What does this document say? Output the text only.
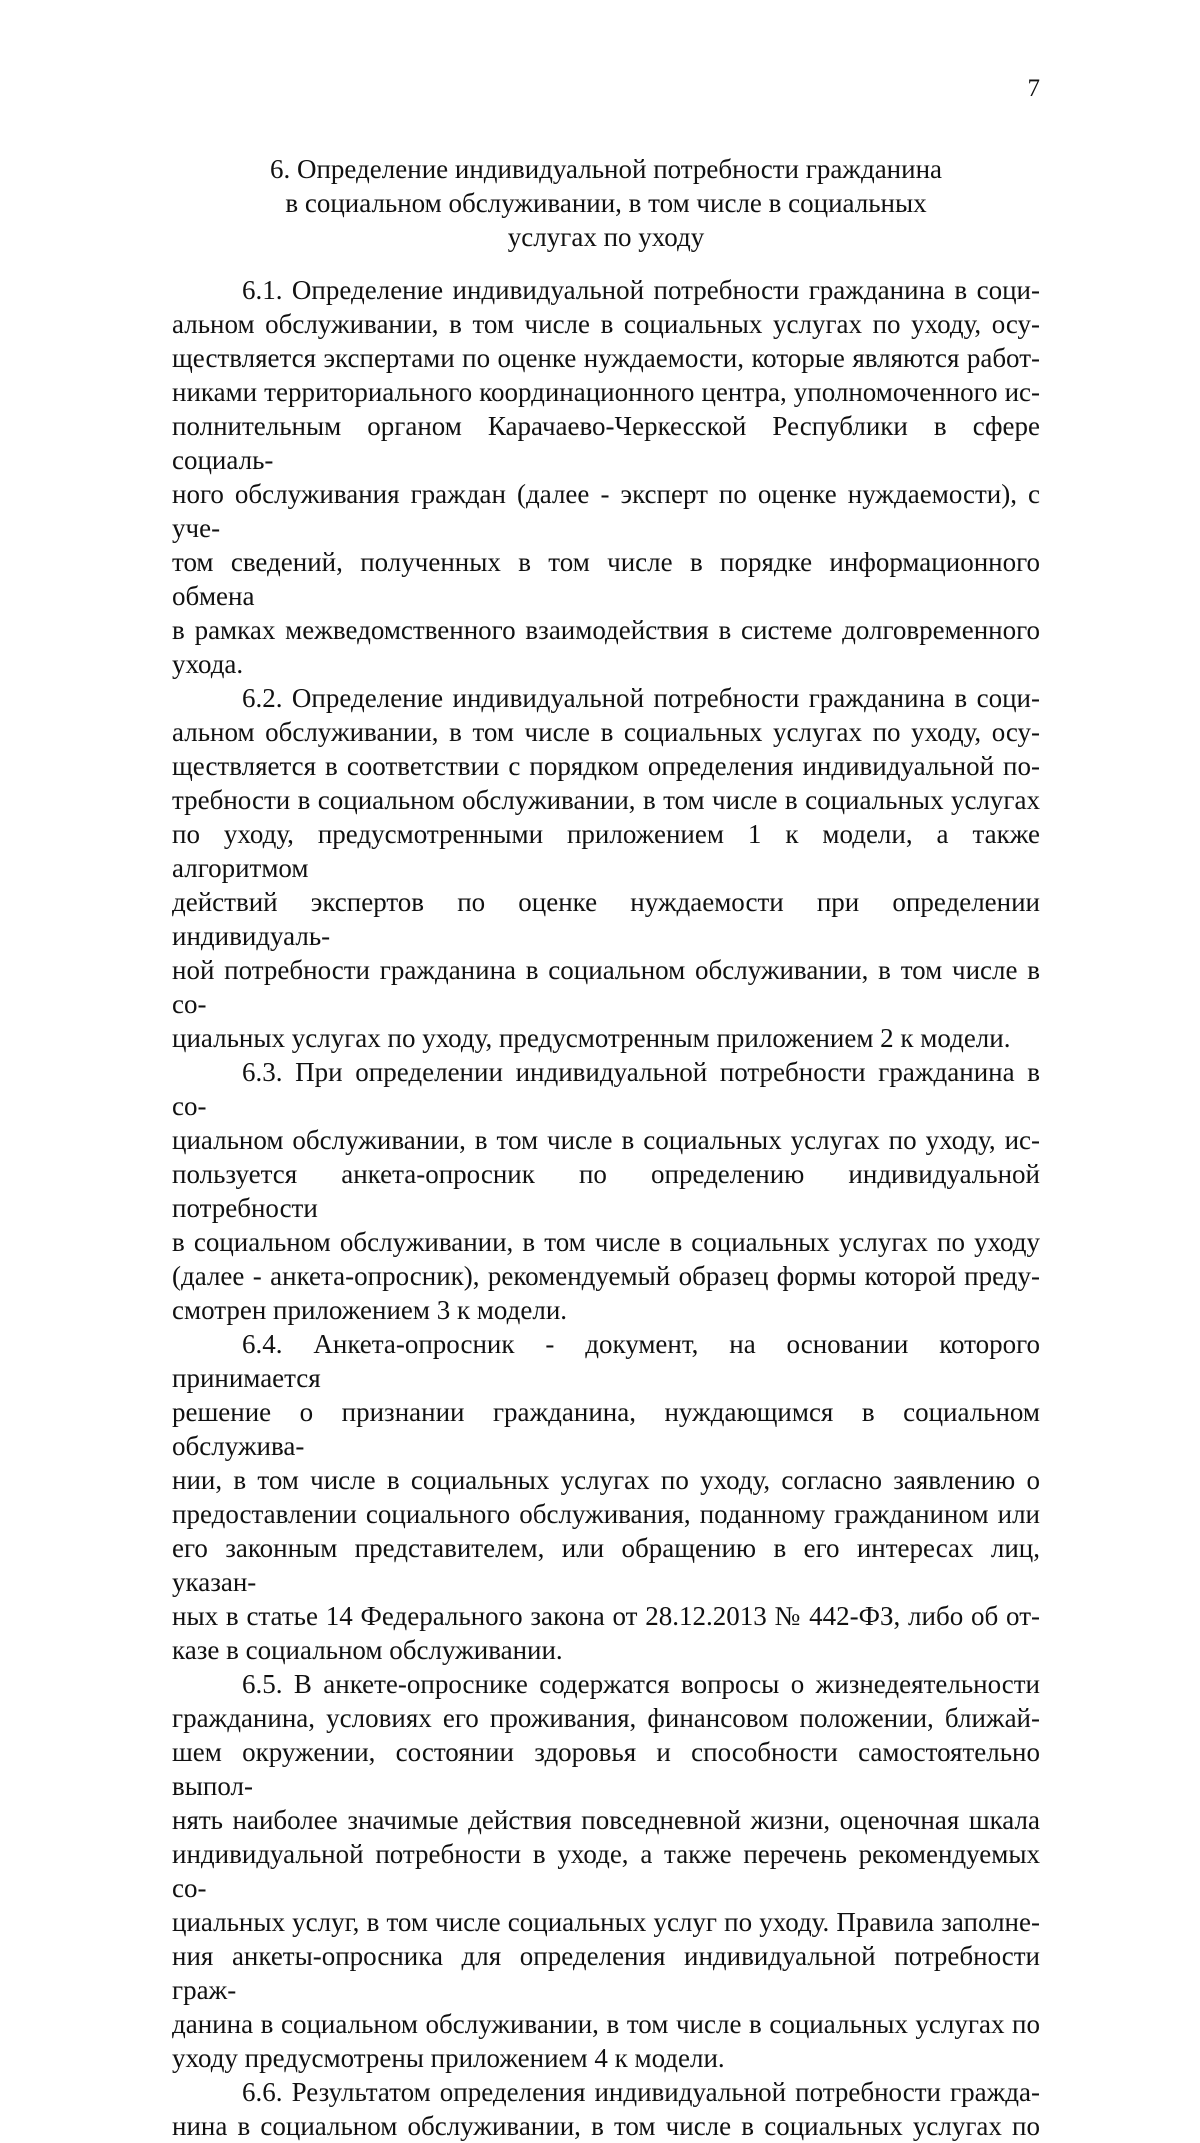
7
6. Определение индивидуальной потребности гражданина
в социальном обслуживании, в том числе в социальных
услугах по уходу

6.1. Определение индивидуальной потребности гражданина в соци-
альном обслуживании, в том числе в социальных услугах по уходу, осу-
ществляется экспертами по оценке нуждаемости, которые являются работ-
никами территориального координационного центра, уполномоченного ис-
полнительным органом Карачаево-Черкесской Республики в сфере социаль-
ного обслуживания граждан (далее - эксперт по оценке нуждаемости), с уче-
том сведений, полученных в том числе в порядке информационного обмена
в рамках межведомственного взаимодействия в системе долговременного
ухода.

6.2. Определение индивидуальной потребности гражданина в соци-
альном обслуживании, в том числе в социальных услугах по уходу, осу-
ществляется в соответствии с порядком определения индивидуальной по-
требности в социальном обслуживании, в том числе в социальных услугах
по уходу, предусмотренными приложением 1 к модели, а также алгоритмом
действий экспертов по оценке нуждаемости при определении индивидуаль-
ной потребности гражданина в социальном обслуживании, в том числе в со-
циальных услугах по уходу, предусмотренным приложением 2 к модели.

6.3. При определении индивидуальной потребности гражданина в со-
циальном обслуживании, в том числе в социальных услугах по уходу, ис-
пользуется анкета-опросник по определению индивидуальной потребности
в социальном обслуживании, в том числе в социальных услугах по уходу
(далее - анкета-опросник), рекомендуемый образец формы которой преду-
смотрен приложением 3 к модели.

6.4. Анкета-опросник - документ, на основании которого принимается
решение о признании гражданина, нуждающимся в социальном обслужива-
нии, в том числе в социальных услугах по уходу, согласно заявлению о
предоставлении социального обслуживания, поданному гражданином или
его законным представителем, или обращению в его интересах лиц, указан-
ных в статье 14 Федерального закона от 28.12.2013 № 442-ФЗ, либо об от-
казе в социальном обслуживании.

6.5. В анкете-опроснике содержатся вопросы о жизнедеятельности
гражданина, условиях его проживания, финансовом положении, ближай-
шем окружении, состоянии здоровья и способности самостоятельно выпол-
нять наиболее значимые действия повседневной жизни, оценочная шкала
индивидуальной потребности в уходе, а также перечень рекомендуемых со-
циальных услуг, в том числе социальных услуг по уходу. Правила заполне-
ния анкеты-опросника для определения индивидуальной потребности граж-
данина в социальном обслуживании, в том числе в социальных услугах по
уходу предусмотрены приложением 4 к модели.

6.6. Результатом определения индивидуальной потребности гражда-
нина в социальном обслуживании, в том числе в социальных услугах по
